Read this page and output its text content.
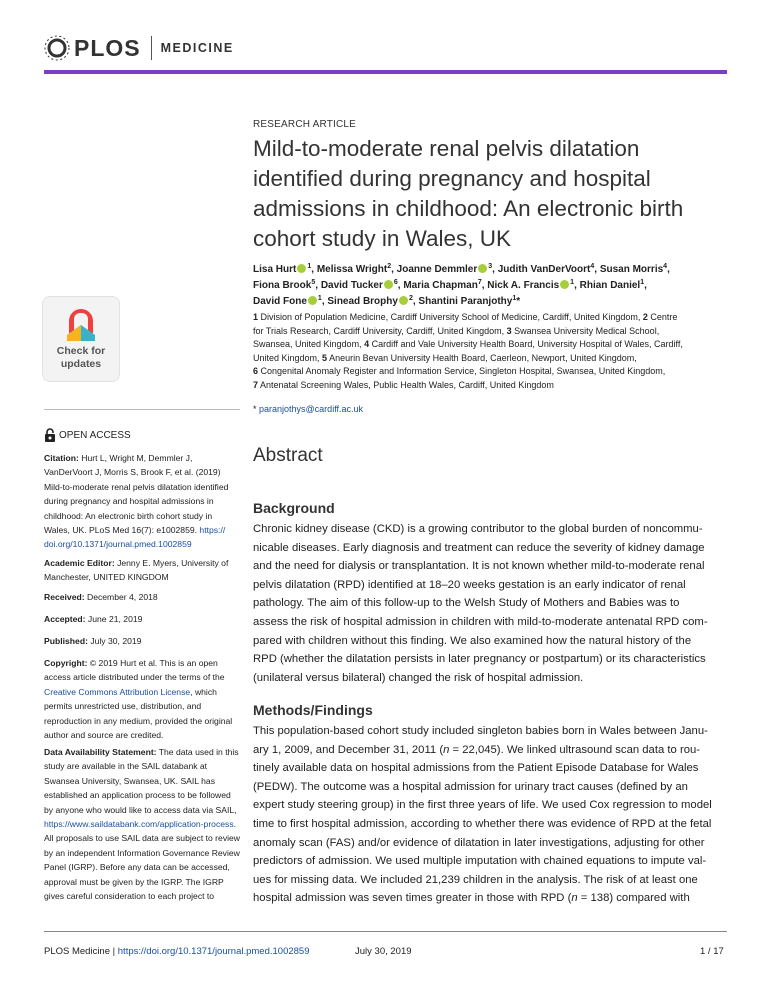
PLOS MEDICINE
Check for
updates
OPEN ACCESS
Citation: Hurt L, Wright M, Demmler J,
VanDerVoort J, Morris S, Brook F, et al. (2019)
Mild-to-moderate renal pelvis dilatation identified
during pregnancy and hospital admissions in
childhood: An electronic birth cohort study in
Wales, UK. PLoS Med 16(7): e1002859. https://
doi.org/10.1371/journal.pmed.1002859
Academic Editor: Jenny E. Myers, University of
Manchester, UNITED KINGDOM
Received: December 4, 2018
Accepted: June 21, 2019
Published: July 30, 2019
Copyright: © 2019 Hurt et al. This is an open
access article distributed under the terms of the
Creative Commons Attribution License, which
permits unrestricted use, distribution, and
reproduction in any medium, provided the original
author and source are credited.
Data Availability Statement: The data used in this
study are available in the SAIL databank at
Swansea University, Swansea, UK. SAIL has
established an application process to be followed
by anyone who would like to access data via SAIL,
https://www.saildatabank.com/application-process.
All proposals to use SAIL data are subject to review
by an independent Information Governance Review
Panel (IGRP). Before any data can be accessed,
approval must be given by the IGRP. The IGRP
gives careful consideration to each project to
RESEARCH ARTICLE
Mild-to-moderate renal pelvis dilatation
identified during pregnancy and hospital
admissions in childhood: An electronic birth
cohort study in Wales, UK
Lisa Hurt $^1$, Melissa Wright$^2$, Joanne Demmler $^3$, Judith VanDerVoort$^4$, Susan Morris$^4$,
Fiona Brook$^5$, David Tucker $^6$, Maria Chapman$^7$, Nick A. Francis $^1$, Rhian Daniel$^1$,
David Fone $^1$, Sinead Brophy $^2$, Shantini Paranjothy$^1$*
1 Division of Population Medicine, Cardiff University School of Medicine, Cardiff, United Kingdom, 2 Centre
for Trials Research, Cardiff University, Cardiff, United Kingdom, 3 Swansea University Medical School,
Swansea, United Kingdom, 4 Cardiff and Vale University Health Board, University Hospital of Wales, Cardiff,
United Kingdom, 5 Aneurin Bevan University Health Board, Caerleon, Newport, United Kingdom,
6 Congenital Anomaly Register and Information Service, Singleton Hospital, Swansea, United Kingdom,
7 Antenatal Screening Wales, Public Health Wales, Cardiff, United Kingdom
* paranjothys@cardiff.ac.uk
Abstract
Background
Chronic kidney disease (CKD) is a growing contributor to the global burden of noncommu-
nicable diseases. Early diagnosis and treatment can reduce the severity of kidney damage
and the need for dialysis or transplantation. It is not known whether mild-to-moderate renal
pelvis dilatation (RPD) identified at 18–20 weeks gestation is an early indicator of renal
pathology. The aim of this follow-up to the Welsh Study of Mothers and Babies was to
assess the risk of hospital admission in children with mild-to-moderate antenatal RPD com-
pared with children without this finding. We also examined how the natural history of the
RPD (whether the dilatation persists in later pregnancy or postpartum) or its characteristics
(unilateral versus bilateral) changed the risk of hospital admission.
Methods/Findings
This population-based cohort study included singleton babies born in Wales between Janu-
ary 1, 2009, and December 31, 2011 (n = 22,045). We linked ultrasound scan data to rou-
tinely available data on hospital admissions from the Patient Episode Database for Wales
(PEDW). The outcome was a hospital admission for urinary tract causes (defined by an
expert study steering group) in the first three years of life. We used Cox regression to model
time to first hospital admission, according to whether there was evidence of RPD at the fetal
anomaly scan (FAS) and/or evidence of dilatation in later investigations, adjusting for other
predictors of admission. We used multiple imputation with chained equations to impute val-
ues for missing data. We included 21,239 children in the analysis. The risk of at least one
hospital admission was seven times greater in those with RPD (n = 138) compared with
PLOS Medicine | https://doi.org/10.1371/journal.pmed.1002859	July 30, 2019	1 / 17
